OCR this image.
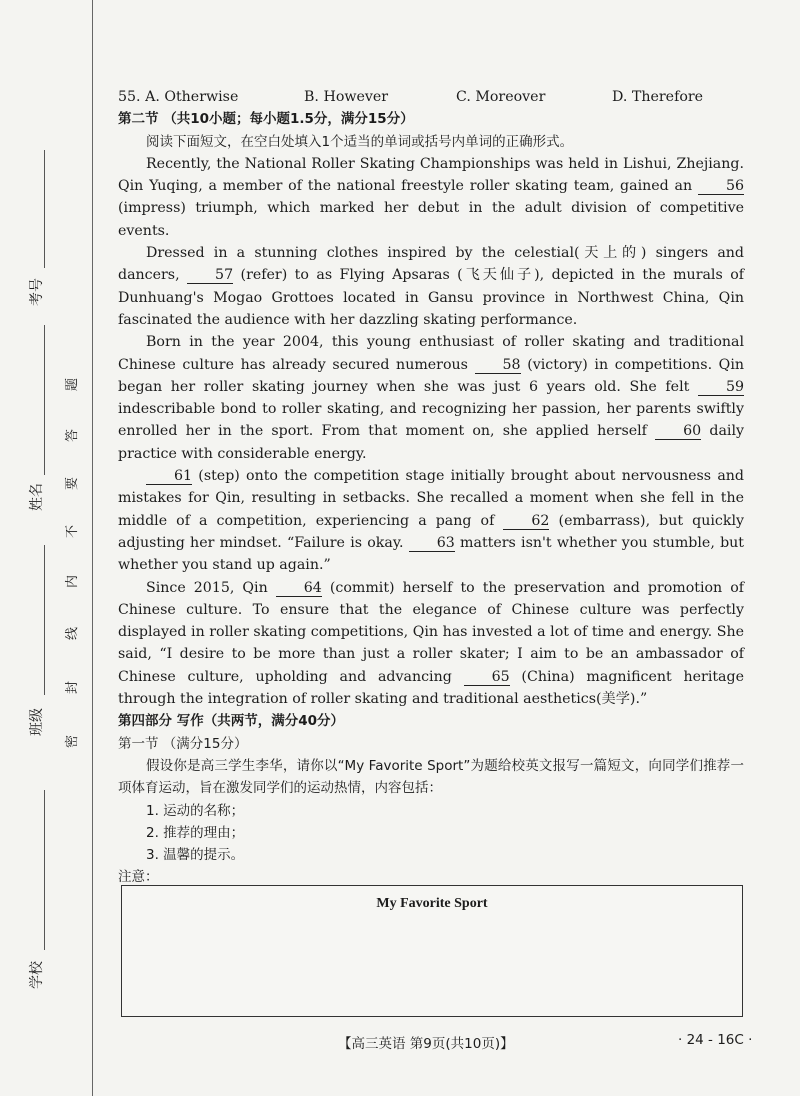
考号
姓名
班级
学校
题
答
要
不
内
线
封
密
55. A. Otherwise	B. However	C. Moreover	D. Therefore

第二节 （共10小题；每小题1.5分，满分15分）

阅读下面短文，在空白处填入1个适当的单词或括号内单词的正确形式。

Recently, the National Roller Skating Championships was held in Lishui, Zhejiang. Qin Yuqing, a member of the national freestyle roller skating team, gained an 56 (impress) triumph, which marked her debut in the adult division of competitive events.

Dressed in a stunning clothes inspired by the celestial(天上的) singers and dancers, 57 (refer) to as Flying Apsaras (飞天仙子), depicted in the murals of Dunhuang's Mogao Grottoes located in Gansu province in Northwest China, Qin fascinated the audience with her dazzling skating performance.

Born in the year 2004, this young enthusiast of roller skating and traditional Chinese culture has already secured numerous 58 (victory) in competitions. Qin began her roller skating journey when she was just 6 years old. She felt 59 indescribable bond to roller skating, and recognizing her passion, her parents swiftly enrolled her in the sport. From that moment on, she applied herself 60 daily practice with considerable energy.

61 (step) onto the competition stage initially brought about nervousness and mistakes for Qin, resulting in setbacks. She recalled a moment when she fell in the middle of a competition, experiencing a pang of 62 (embarrass), but quickly adjusting her mindset. “Failure is okay. 63 matters isn't whether you stumble, but whether you stand up again.”

Since 2015, Qin 64 (commit) herself to the preservation and promotion of Chinese culture. To ensure that the elegance of Chinese culture was perfectly displayed in roller skating competitions, Qin has invested a lot of time and energy. She said, “I desire to be more than just a roller skater; I aim to be an ambassador of Chinese culture, upholding and advancing 65 (China) magnificent heritage through the integration of roller skating and traditional aesthetics(美学).”

第四部分 写作（共两节，满分40分）

第一节 （满分15分）

假设你是高三学生李华，请你以“My Favorite Sport”为题给校英文报写一篇短文，向同学们推荐一项体育运动，旨在激发同学们的运动热情，内容包括：

1. 运动的名称；

2. 推荐的理由；

3. 温馨的提示。

注意：

My Favorite Sport
【高三英语 第9页(共10页)】	· 24 - 16C ·
